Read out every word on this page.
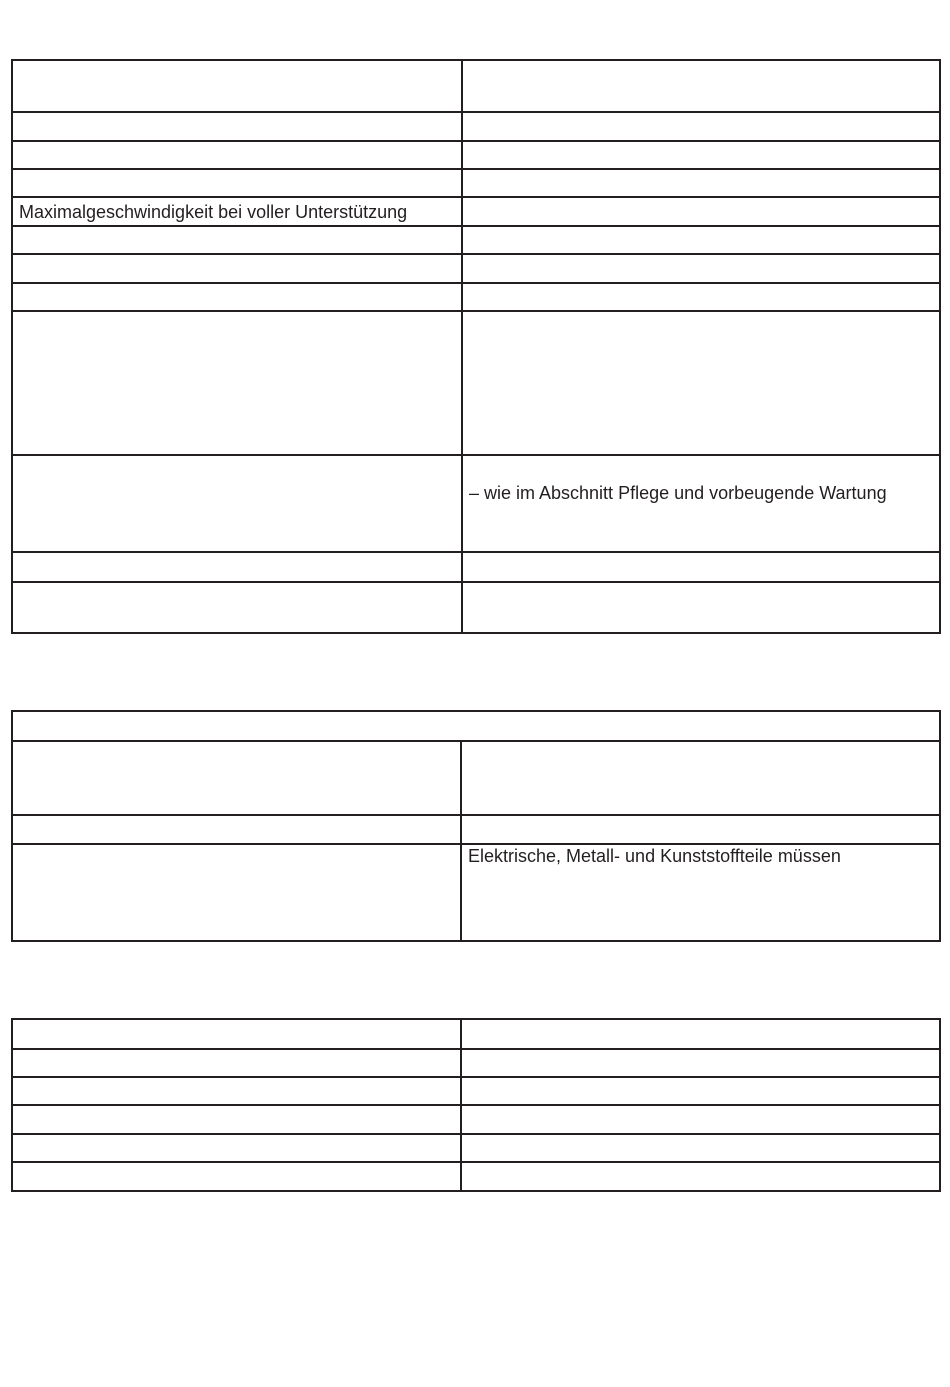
Maximalgeschwindigkeit bei voller Unterstützung	

	– wie im Abschnitt Pflege und vorbeugende Wartung

	Elektrische, Metall- und Kunststoffteile müssen
